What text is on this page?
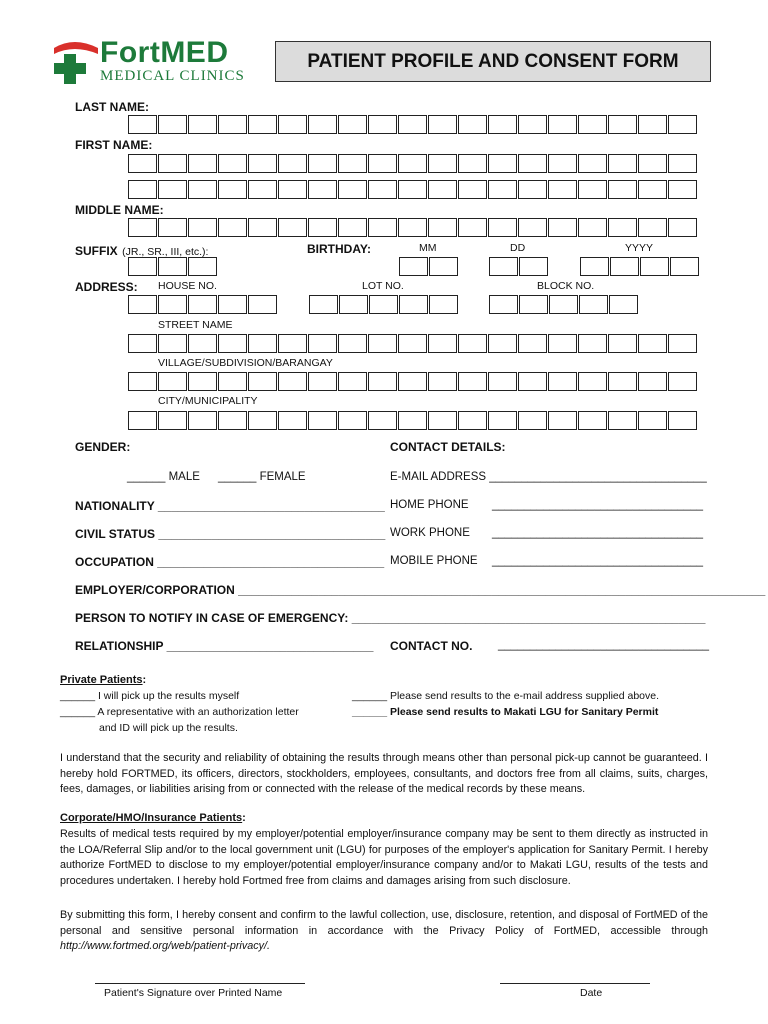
FortMED
MEDICAL CLINICS
PATIENT PROFILE AND CONSENT FORM
LAST NAME:
FIRST NAME:
MIDDLE NAME:
SUFFIX (JR., SR., III, etc.):	BIRTHDAY:	MM	DD	YYYY
ADDRESS: HOUSE NO.	LOT NO.	BLOCK NO.
STREET NAME
VILLAGE/SUBDIVISION/BARANGAY
CITY/MUNICIPALITY
GENDER:	CONTACT DETAILS:
______ MALE ______ FEMALE	E-MAIL ADDRESS __________________________________
NATIONALITY __________________________________ HOME PHONE _________________________________
CIVIL STATUS __________________________________ WORK PHONE _________________________________
OCCUPATION __________________________________ MOBILE PHONE _________________________________
EMPLOYER/CORPORATION _______________________________________________________________________________
PERSON TO NOTIFY IN CASE OF EMERGENCY: _____________________________________________________
RELATIONSHIP _______________________________ CONTACT NO. _________________________________
Private Patients:
______ I will pick up the results myself
______ A representative with an authorization letter
and ID will pick up the results.
______ Please send results to the e-mail address supplied above.
______ Please send results to Makati LGU for Sanitary Permit
I understand that the security and reliability of obtaining the results through means other than personal pick-up cannot be guaranteed. I hereby hold FORTMED, its officers, directors, stockholders, employees, consultants, and doctors free from all claims, suits, charges, fees, damages, or liabilities arising from or connected with the release of the medical records by these means.
Corporate/HMO/Insurance Patients:
Results of medical tests required by my employer/potential employer/insurance company may be sent to them directly as instructed in the LOA/Referral Slip and/or to the local government unit (LGU) for purposes of the employer's application for Sanitary Permit. I hereby authorize FortMED to disclose to my employer/potential employer/insurance company and/or to Makati LGU, results of the tests and procedures undertaken. I hereby hold Fortmed free from claims and damages arising from such disclosure.
By submitting this form, I hereby consent and confirm to the lawful collection, use, disclosure, retention, and disposal of FortMED of the personal and sensitive personal information in accordance with the Privacy Policy of FortMED, accessible through http://www.fortmed.org/web/patient-privacy/.
Patient's Signature over Printed Name	Date
